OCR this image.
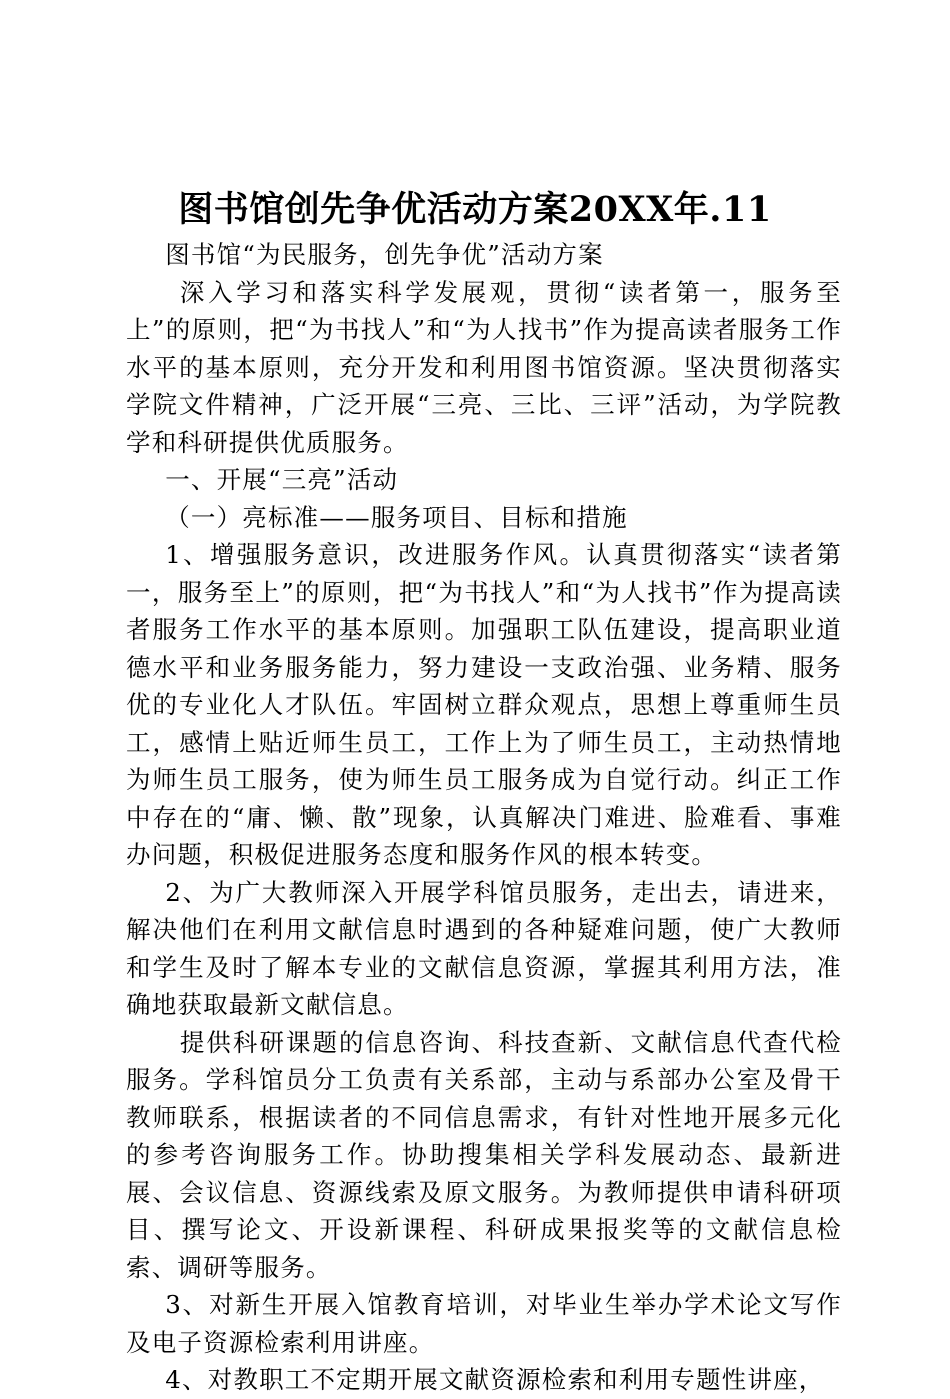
图书馆创先争优活动方案20XX年.11

图书馆“为民服务，创先争优”活动方案

深入学习和落实科学发展观，贯彻“读者第一，服务至上”的原则，把“为书找人”和“为人找书”作为提高读者服务工作水平的基本原则，充分开发和利用图书馆资源。坚决贯彻落实学院文件精神，广泛开展“三亮、三比、三评”活动，为学院教学和科研提供优质服务。

一、开展“三亮”活动

（一）亮标准——服务项目、目标和措施

1、增强服务意识，改进服务作风。认真贯彻落实“读者第一，服务至上”的原则，把“为书找人”和“为人找书”作为提高读者服务工作水平的基本原则。加强职工队伍建设，提高职业道德水平和业务服务能力，努力建设一支政治强、业务精、服务优的专业化人才队伍。牢固树立群众观点，思想上尊重师生员工，感情上贴近师生员工，工作上为了师生员工，主动热情地为师生员工服务，使为师生员工服务成为自觉行动。纠正工作中存在的“庸、懒、散”现象，认真解决门难进、脸难看、事难办问题，积极促进服务态度和服务作风的根本转变。

2、为广大教师深入开展学科馆员服务，走出去，请进来，解决他们在利用文献信息时遇到的各种疑难问题，使广大教师和学生及时了解本专业的文献信息资源，掌握其利用方法，准确地获取最新文献信息。

提供科研课题的信息咨询、科技查新、文献信息代查代检服务。学科馆员分工负责有关系部，主动与系部办公室及骨干教师联系，根据读者的不同信息需求，有针对性地开展多元化的参考咨询服务工作。协助搜集相关学科发展动态、最新进展、会议信息、资源线索及原文服务。为教师提供申请科研项目、撰写论文、开设新课程、科研成果报奖等的文献信息检索、调研等服务。

3、对新生开展入馆教育培训，对毕业生举办学术论文写作及电子资源检索利用讲座。

4、对教职工不定期开展文献资源检索和利用专题性讲座，
